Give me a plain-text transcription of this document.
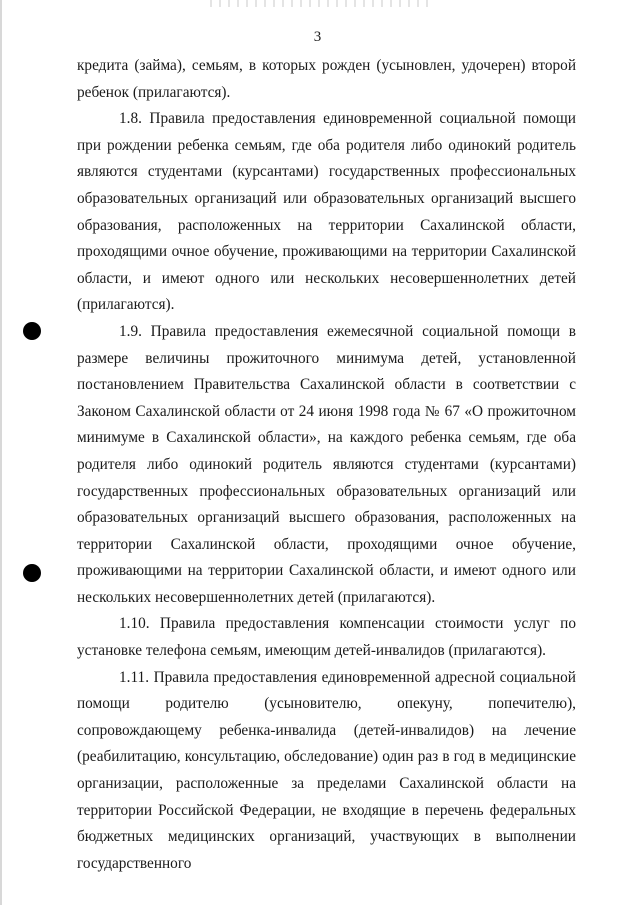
3

кредита (займа), семьям, в которых рожден (усыновлен, удочерен) второй ребенок (прилагаются).

1.8. Правила предоставления единовременной социальной помощи при рождении ребенка семьям, где оба родителя либо одинокий родитель являются студентами (курсантами) государственных профессиональных образовательных организаций или образовательных организаций высшего образования, расположенных на территории Сахалинской области, проходящими очное обучение, проживающими на территории Сахалинской области, и имеют одного или нескольких несовершеннолетних детей (прилагаются).

1.9. Правила предоставления ежемесячной социальной помощи в размере величины прожиточного минимума детей, установленной постановлением Правительства Сахалинской области в соответствии с Законом Сахалинской области от 24 июня 1998 года № 67 «О прожиточном минимуме в Сахалинской области», на каждого ребенка семьям, где оба родителя либо одинокий родитель являются студентами (курсантами) государственных профессиональных образовательных организаций или образовательных организаций высшего образования, расположенных на территории Сахалинской области, проходящими очное обучение, проживающими на территории Сахалинской области, и имеют одного или нескольких несовершеннолетних детей (прилагаются).

1.10. Правила предоставления компенсации стоимости услуг по установке телефона семьям, имеющим детей-инвалидов (прилагаются).

1.11. Правила предоставления единовременной адресной социальной помощи родителю (усыновителю, опекуну, попечителю), сопровождающему ребенка-инвалида (детей-инвалидов) на лечение (реабилитацию, консультацию, обследование) один раз в год в медицинские организации, расположенные за пределами Сахалинской области на территории Российской Федерации, не входящие в перечень федеральных бюджетных медицинских организаций, участвующих в выполнении государственного
